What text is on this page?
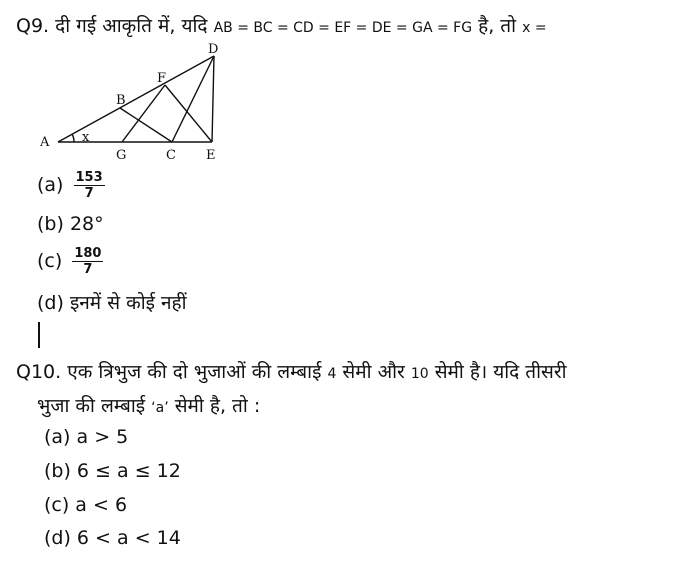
Q9. दी गई आकृति में, यदि AB = BC = CD = EF = DE = GA = FG है, तो x =
A
B
C
D
E
F
G
x
$(a) \frac{153}{7}$
(b) 28°
$(c) \frac{180}{7}$
(d) इनमें से कोई नहीं
Q10. एक त्रिभुज की दो भुजाओं की लम्बाई 4 सेमी और 10 सेमी है। यदि तीसरी
भुजा की लम्बाई ‘a’ सेमी है, तो :
(a) a > 5
(b) 6 ≤ a ≤ 12
(c) a < 6
(d) 6 < a < 14
